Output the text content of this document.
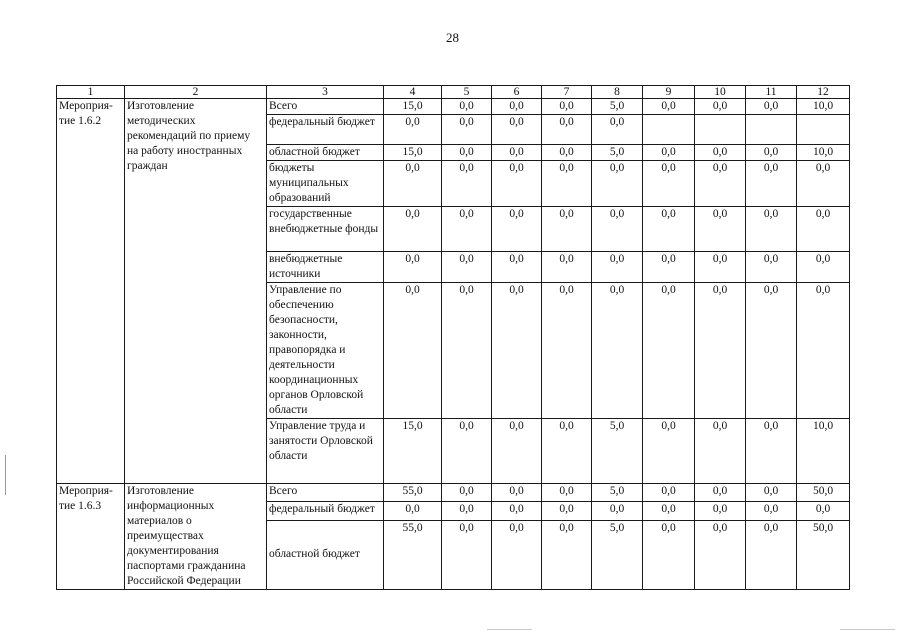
28
1	2	3	4	5	6	7	8	9	10	11	12
Мероприя-тие 1.6.2	Изготовление методических рекомендаций по приему на работу иностранных граждан	Всего	15,0	0,0	0,0	0,0	5,0	0,0	0,0	0,0	10,0
		федеральный бюджет	0,0	0,0	0,0	0,0	0,0				
		областной бюджет	15,0	0,0	0,0	0,0	5,0	0,0	0,0	0,0	10,0
		бюджеты муниципальных образований	0,0	0,0	0,0	0,0	0,0	0,0	0,0	0,0	0,0
		государственные внебюджетные фонды	0,0	0,0	0,0	0,0	0,0	0,0	0,0	0,0	0,0
		внебюджетные источники	0,0	0,0	0,0	0,0	0,0	0,0	0,0	0,0	0,0
		Управление по обеспечению безопасности, законности, правопорядка и деятельности координационных органов Орловской области	0,0	0,0	0,0	0,0	0,0	0,0	0,0	0,0	0,0
		Управление труда и занятости Орловской области	15,0	0,0	0,0	0,0	5,0	0,0	0,0	0,0	10,0
Мероприя-тие 1.6.3	Изготовление информационных материалов о преимуществах документирования паспортами гражданина Российской Федерации	Всего	55,0	0,0	0,0	0,0	5,0	0,0	0,0	0,0	50,0
		федеральный бюджет	0,0	0,0	0,0	0,0	0,0	0,0	0,0	0,0	0,0
		областной бюджет	55,0	0,0	0,0	0,0	5,0	0,0	0,0	0,0	50,0
